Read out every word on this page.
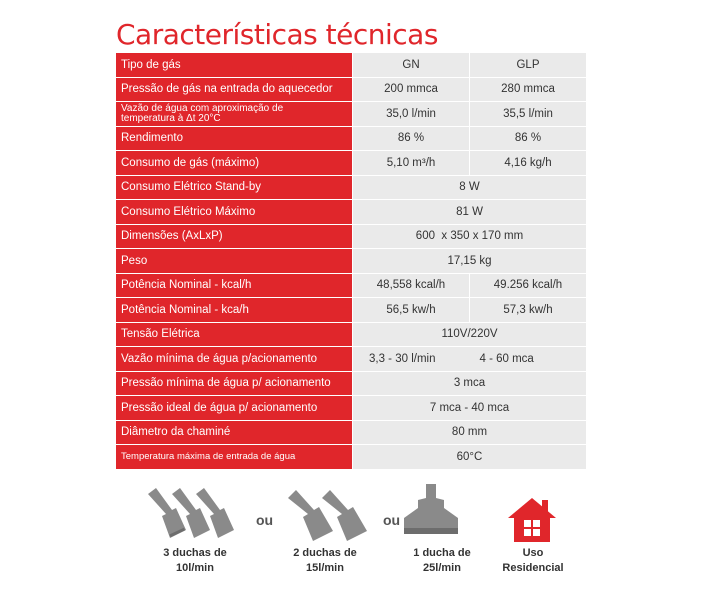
Características técnicas
Tipo de gás	GN	GLP
Pressão de gás na entrada do aquecedor	200 mmca	280 mmca
Vazão de água com aproximação de
temperatura à Δt 20°C	35,0 l/min	35,5 l/min
Rendimento	86 %	86 %
Consumo de gás (máximo)	5,10 m³/h	4,16 kg/h
Consumo Elétrico Stand-by	8 W
Consumo Elétrico Máximo	81 W
Dimensões (AxLxP)	600  x 350 x 170 mm
Peso	17,15 kg
Potência Nominal - kcal/h	48,558 kcal/h	49.256 kcal/h
Potência Nominal - kca/h	56,5 kw/h	57,3 kw/h
Tensão Elétrica	110V/220V
Vazão mínima de água p/acionamento	3,3 - 30 l/min	4 - 60 mca
Pressão mínima de água p/ acionamento	3 mca
Pressão ideal de água p/ acionamento	7 mca - 40 mca
Diâmetro da chaminé	80 mm
Temperatura máxima de entrada de água	60°C
ou	ou
3 duchas de
10l/min
2 duchas de
15l/min
1 ducha de
25l/min
Uso
Residencial
